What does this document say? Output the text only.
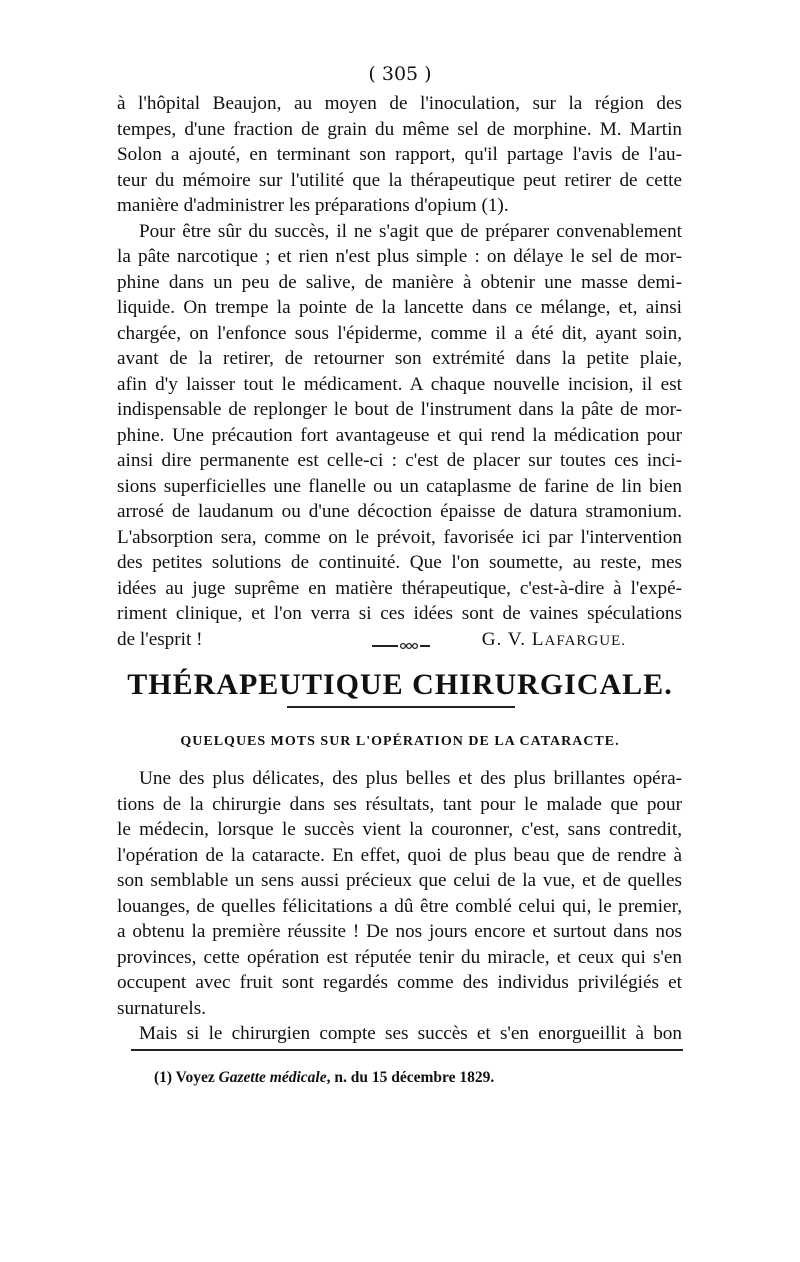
( 305 )
à l'hôpital Beaujon, au moyen de l'inoculation, sur la région des
tempes, d'une fraction de grain du même sel de morphine. M. Martin
Solon a ajouté, en terminant son rapport, qu'il partage l'avis de l'au-
teur du mémoire sur l'utilité que la thérapeutique peut retirer de cette
manière d'administrer les préparations d'opium (1).
Pour être sûr du succès, il ne s'agit que de préparer convenablement
la pâte narcotique ; et rien n'est plus simple : on délaye le sel de mor-
phine dans un peu de salive, de manière à obtenir une masse demi-
liquide. On trempe la pointe de la lancette dans ce mélange, et, ainsi
chargée, on l'enfonce sous l'épiderme, comme il a été dit, ayant soin,
avant de la retirer, de retourner son extrémité dans la petite plaie,
afin d'y laisser tout le médicament. A chaque nouvelle incision, il est
indispensable de replonger le bout de l'instrument dans la pâte de mor-
phine. Une précaution fort avantageuse et qui rend la médication pour
ainsi dire permanente est celle-ci : c'est de placer sur toutes ces inci-
sions superficielles une flanelle ou un cataplasme de farine de lin bien
arrosé de laudanum ou d'une décoction épaisse de datura stramonium.
L'absorption sera, comme on le prévoit, favorisée ici par l'intervention
des petites solutions de continuité. Que l'on soumette, au reste, mes
idées au juge suprême en matière thérapeutique, c'est-à-dire à l'expé-
riment clinique, et l'on verra si ces idées sont de vaines spéculations
de l'esprit !	G. V. LAFARGUE.
THÉRAPEUTIQUE CHIRURGICALE.
QUELQUES MOTS SUR L'OPÉRATION DE LA CATARACTE.
Une des plus délicates, des plus belles et des plus brillantes opéra-
tions de la chirurgie dans ses résultats, tant pour le malade que pour
le médecin, lorsque le succès vient la couronner, c'est, sans contredit,
l'opération de la cataracte. En effet, quoi de plus beau que de rendre à
son semblable un sens aussi précieux que celui de la vue, et de quelles
louanges, de quelles félicitations a dû être comblé celui qui, le premier,
a obtenu la première réussite ! De nos jours encore et surtout dans nos
provinces, cette opération est réputée tenir du miracle, et ceux qui s'en
occupent avec fruit sont regardés comme des individus privilégiés et
surnaturels.
Mais si le chirurgien compte ses succès et s'en enorgueillit à bon
(1) Voyez Gazette médicale, n. du 15 décembre 1829.
